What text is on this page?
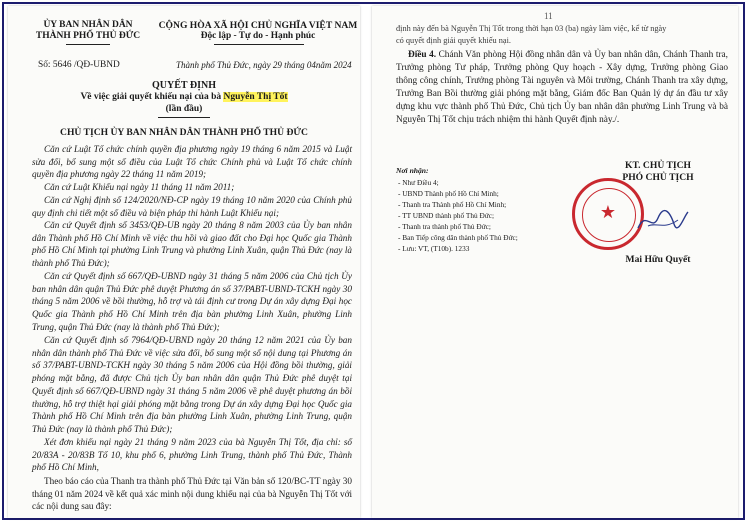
ỦY BAN NHÂN DÂN
THÀNH PHỐ THỦ ĐỨC
CỘNG HÒA XÃ HỘI CHỦ NGHĨA VIỆT NAM
Độc lập - Tự do - Hạnh phúc
Số: 5646 /QĐ-UBND	Thành phố Thủ Đức, ngày 29 tháng 04năm 2024
QUYẾT ĐỊNH
Về việc giải quyết khiếu nại của bà Nguyễn Thị Tốt
(lần đầu)
CHỦ TỊCH ỦY BAN NHÂN DÂN THÀNH PHỐ THỦ ĐỨC
Căn cứ Luật Tổ chức chính quyền địa phương ngày 19 tháng 6 năm 2015 và Luật sửa đổi, bổ sung một số điều của Luật Tổ chức Chính phủ và Luật Tổ chức chính quyền địa phương ngày 22 tháng 11 năm 2019;
Căn cứ Luật Khiếu nại ngày 11 tháng 11 năm 2011;
Căn cứ Nghị định số 124/2020/NĐ-CP ngày 19 tháng 10 năm 2020 của Chính phủ quy định chi tiết một số điều và biện pháp thi hành Luật Khiếu nại;
Căn cứ Quyết định số 3453/QĐ-UB ngày 20 tháng 8 năm 2003 của Ủy ban nhân dân Thành phố Hồ Chí Minh về việc thu hồi và giao đất cho Đại học Quốc gia Thành phố Hồ Chí Minh tại phường Linh Trung và phường Linh Xuân, quận Thủ Đức (nay là thành phố Thủ Đức);
Căn cứ Quyết định số 667/QĐ-UBND ngày 31 tháng 5 năm 2006 của Chủ tịch Ủy ban nhân dân quận Thủ Đức phê duyệt Phương án số 37/PABT-UBND-TCKH ngày 30 tháng 5 năm 2006 về bồi thường, hỗ trợ và tái định cư trong Dự án xây dựng Đại học Quốc gia Thành phố Hồ Chí Minh trên địa bàn phường Linh Xuân, phường Linh Trung, quận Thủ Đức (nay là thành phố Thủ Đức);
Căn cứ Quyết định số 7964/QĐ-UBND ngày 20 tháng 12 năm 2021 của Ủy ban nhân dân thành phố Thủ Đức về việc sửa đổi, bổ sung một số nội dung tại Phương án số 37/PABT-UBND-TCKH ngày 30 tháng 5 năm 2006 của Hội đồng bồi thường, giải phóng mặt bằng, đã được Chủ tịch Ủy ban nhân dân quận Thủ Đức phê duyệt tại Quyết định số 667/QĐ-UBND ngày 31 tháng 5 năm 2006 về phê duyệt phương án bồi thường, hỗ trợ thiệt hại giải phóng mặt bằng trong Dự án xây dựng Đại học Quốc gia Thành phố Hồ Chí Minh trên địa bàn phường Linh Xuân, phường Linh Trung, quận Thủ Đức (nay là thành phố Thủ Đức);
Xét đơn khiếu nại ngày 21 tháng 9 năm 2023 của bà Nguyễn Thị Tốt, địa chỉ: số 20/83A - 20/83B Tổ 10, khu phố 6, phường Linh Trung, thành phố Thủ Đức, Thành phố Hồ Chí Minh,
Theo báo cáo của Thanh tra thành phố Thủ Đức tại Văn bản số 120/BC-TT ngày 30 tháng 01 năm 2024 về kết quả xác minh nội dung khiếu nại của bà Nguyễn Thị Tốt với các nội dung sau đây:
11
định này đến bà Nguyễn Thị Tốt trong thời hạn 03 (ba) ngày làm việc, kể từ ngày
có quyết định giải quyết khiếu nại.
Điều 4. Chánh Văn phòng Hội đồng nhân dân và Ủy ban nhân dân, Chánh Thanh tra, Trưởng phòng Tư pháp, Trưởng phòng Quy hoạch - Xây dựng, Trưởng phòng Giao thông công chính, Trưởng phòng Tài nguyên và Môi trường, Chánh Thanh tra xây dựng, Trưởng Ban Bồi thường giải phóng mặt bằng, Giám đốc Ban Quản lý dự án đầu tư xây dựng khu vực thành phố Thủ Đức, Chủ tịch Ủy ban nhân dân phường Linh Trung và bà Nguyễn Thị Tốt chịu trách nhiệm thi hành Quyết định này./.
KT. CHỦ TỊCH
PHÓ CHỦ TỊCH
★
Nơi nhận:
- Như Điều 4;
- UBND Thành phố Hồ Chí Minh;
- Thanh tra Thành phố Hồ Chí Minh;
- TT UBND thành phố Thủ Đức;
- Thanh tra thành phố Thủ Đức;
- Ban Tiếp công dân thành phố Thủ Đức;
- Lưu: VT, (T10b). 1233
Mai Hữu Quyết
